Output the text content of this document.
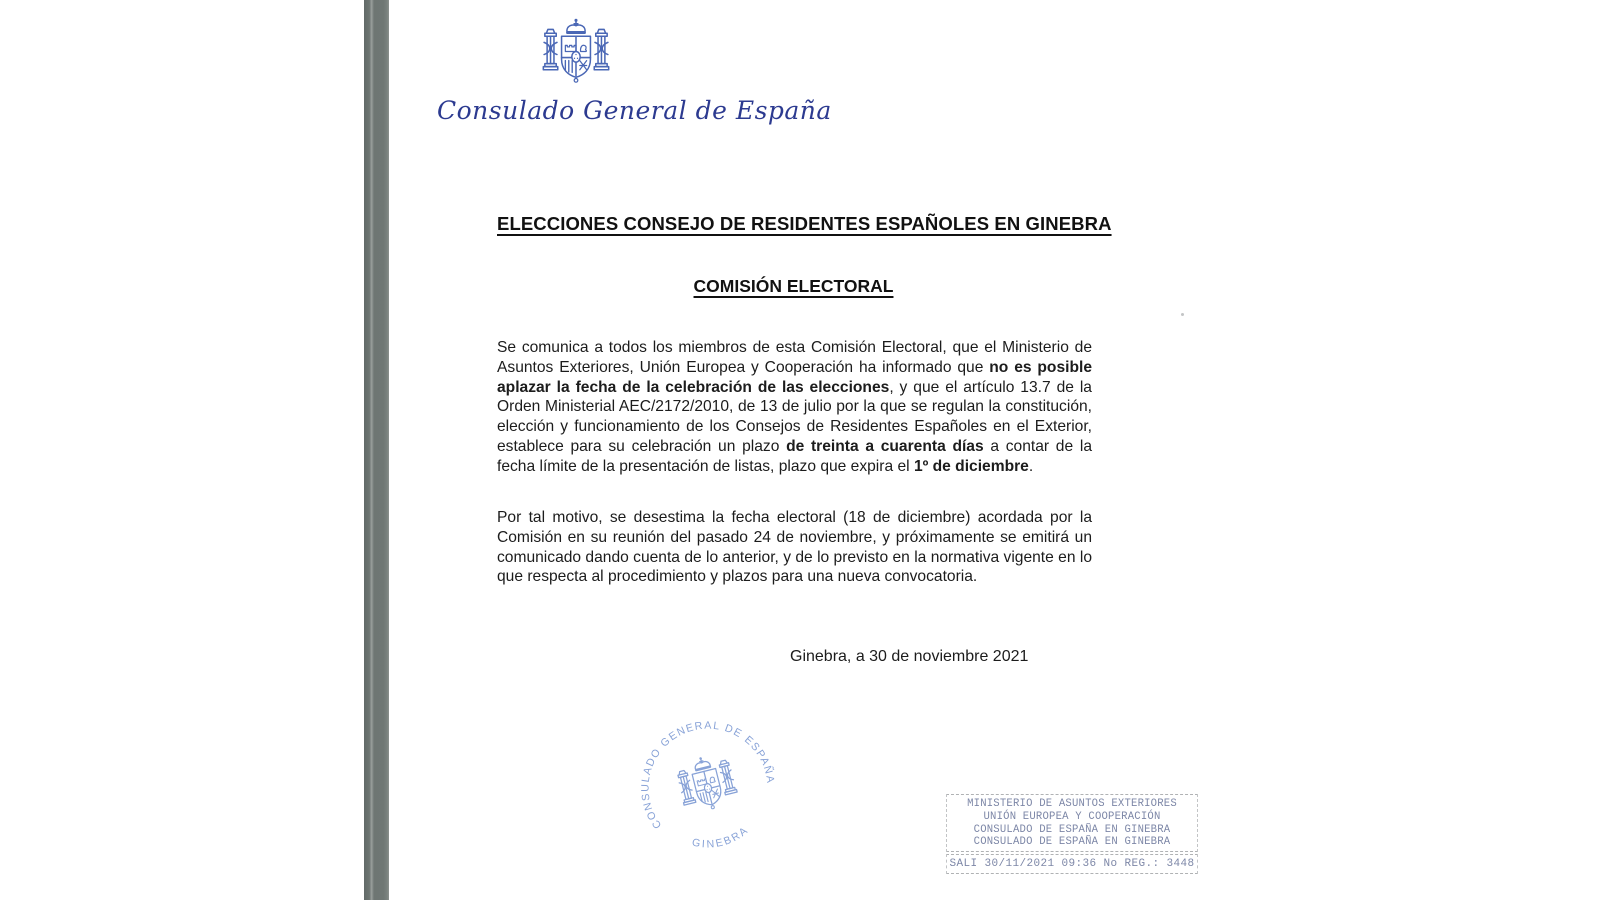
Consulado General de España
ELECCIONES CONSEJO DE RESIDENTES ESPAÑOLES EN GINEBRA
COMISIÓN ELECTORAL
Se comunica a todos los miembros de esta Comisión Electoral, que el Ministerio de Asuntos Exteriores, Unión Europea y Cooperación ha informado que no es posible aplazar la fecha de la celebración de las elecciones, y que el artículo 13.7 de la Orden Ministerial AEC/2172/2010, de 13 de julio por la que se regulan la constitución, elección y funcionamiento de los Consejos de Residentes Españoles en el Exterior, establece para su celebración un plazo de treinta a cuarenta días a contar de la fecha límite de la presentación de listas, plazo que expira el 1º de diciembre.
Por tal motivo, se desestima la fecha electoral (18 de diciembre) acordada por la Comisión en su reunión del pasado 24 de noviembre, y próximamente se emitirá un comunicado dando cuenta de lo anterior, y de lo previsto en la normativa vigente en lo que respecta al procedimiento y plazos para una nueva convocatoria.
Ginebra, a 30 de noviembre 2021
CONSULADO GENERAL DE ESPAÑA
GINEBRA
MINISTERIO DE ASUNTOS EXTERIORES
UNIÓN EUROPEA Y COOPERACIÓN
CONSULADO DE ESPAÑA EN GINEBRA
CONSULADO DE ESPAÑA EN GINEBRA
SALI 30/11/2021 09:36 No REG.: 3448
